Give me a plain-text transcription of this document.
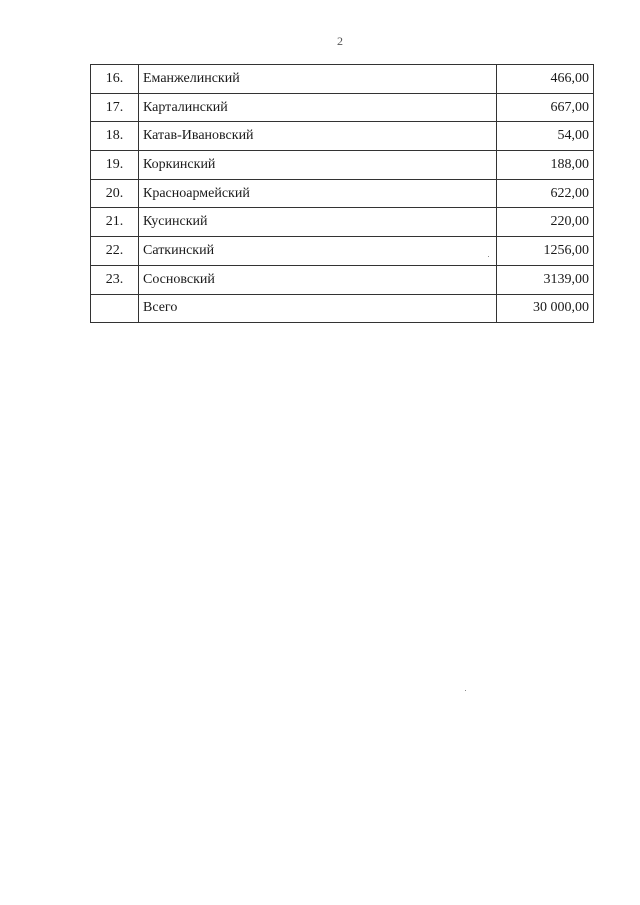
2
16.	Еманжелинский	466,00
17.	Карталинский	667,00
18.	Катав-Ивановский	54,00
19.	Коркинский	188,00
20.	Красноармейский	622,00
21.	Кусинский	220,00
22.	Саткинский	1256,00
23.	Сосновский	3139,00
	Всего	30 000,00
